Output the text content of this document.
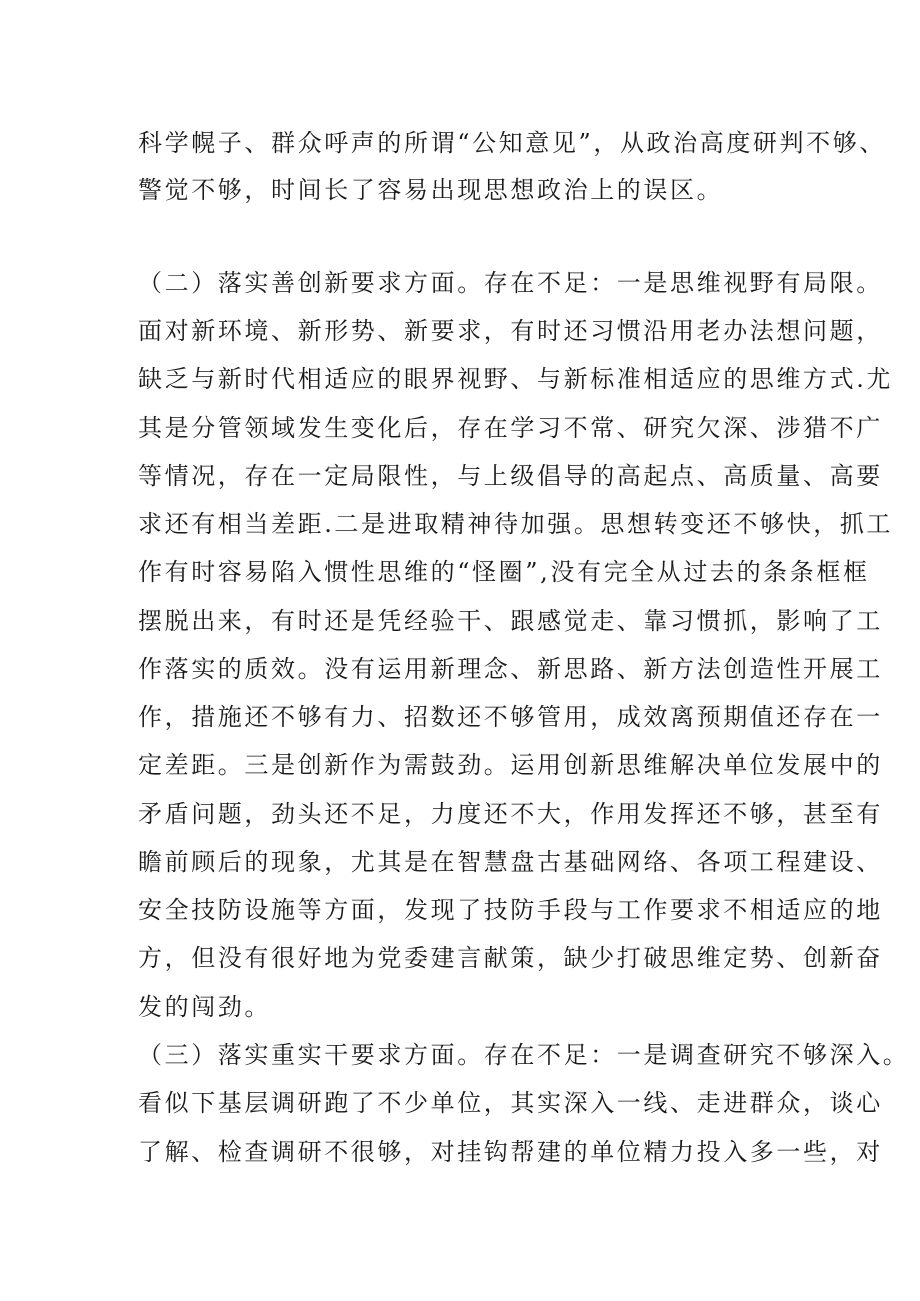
科学幌子、群众呼声的所谓“公知意见”，从政治高度研判不够、
警觉不够，时间长了容易出现思想政治上的误区。
（二）落实善创新要求方面。存在不足：一是思维视野有局限。
面对新环境、新形势、新要求，有时还习惯沿用老办法想问题，
缺乏与新时代相适应的眼界视野、与新标准相适应的思维方式.尤
其是分管领域发生变化后，存在学习不常、研究欠深、涉猎不广
等情况，存在一定局限性，与上级倡导的高起点、高质量、高要
求还有相当差距.二是进取精神待加强。思想转变还不够快，抓工
作有时容易陷入惯性思维的“怪圈”,没有完全从过去的条条框框
摆脱出来，有时还是凭经验干、跟感觉走、靠习惯抓，影响了工
作落实的质效。没有运用新理念、新思路、新方法创造性开展工
作，措施还不够有力、招数还不够管用，成效离预期值还存在一
定差距。三是创新作为需鼓劲。运用创新思维解决单位发展中的
矛盾问题，劲头还不足，力度还不大，作用发挥还不够，甚至有
瞻前顾后的现象，尤其是在智慧盘古基础网络、各项工程建设、
安全技防设施等方面，发现了技防手段与工作要求不相适应的地
方，但没有很好地为党委建言献策，缺少打破思维定势、创新奋
发的闯劲。
（三）落实重实干要求方面。存在不足：一是调查研究不够深入。
看似下基层调研跑了不少单位，其实深入一线、走进群众，谈心
了解、检查调研不很够，对挂钩帮建的单位精力投入多一些，对
